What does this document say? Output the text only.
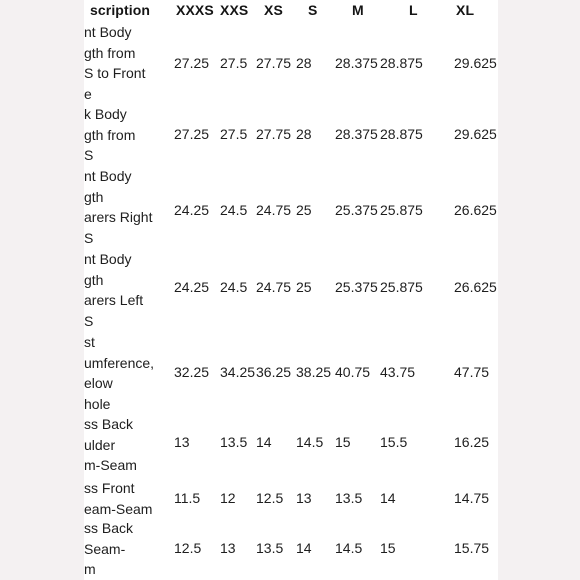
scription XXXS XXS XS S M	L	XL
nt Body
gth from
S to Front
e
27.25 27.5 27.75 28 28.375 28.875 29.625
k Body
gth from
S
27.25 27.5 27.75 28 28.375 28.875 29.625
nt Body
gth
arers Right
S
24.25 24.5 24.75 25 25.375 25.875 26.625
nt Body
gth
arers Left
S
24.25 24.5 24.75 25 25.375 25.875 26.625
st
umference,
elow
hole
32.25 34.25 36.25 38.25 40.75 43.75	47.75
ss Back
ulder
m-Seam
13 13.5 14 14.5 15 15.5	16.25
ss Front
eam-Seam
11.5 12 12.5 13 13.5 14	14.75
ss Back
Seam-
m
12.5 13 13.5 14 14.5 15	15.75
